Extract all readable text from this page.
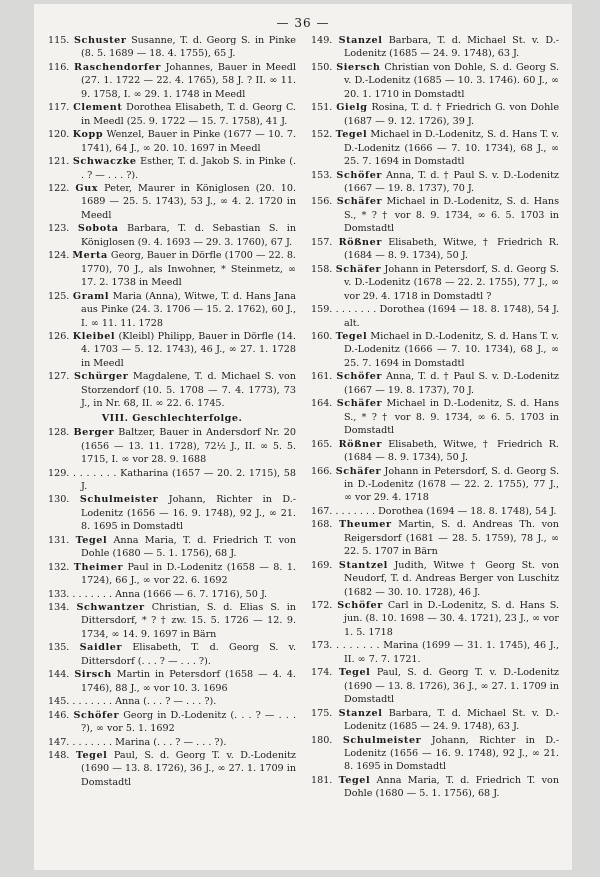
— 36 —

115. Schuster Susanne, T. d. Georg S. in Pinke (8. 5. 1689 — 18. 4. 1755), 65 J.

116. Raschendorfer Johannes, Bauer in Meedl (27. 1. 1722 — 22. 4. 1765), 58 J. ? II. ∞ 11. 9. 1758, I. ∞ 29. 1. 1748 in Meedl

117. Clement Dorothea Elisabeth, T. d. Georg C. in Meedl (25. 9. 1722 — 15. 7. 1758), 41 J.

120. Kopp Wenzel, Bauer in Pinke (1677 — 10. 7. 1741), 64 J., ∞ 20. 10. 1697 in Meedl

121. Schwaczke Esther, T. d. Jakob S. in Pinke (. . ? — . . . ?).

122. Gux Peter, Maurer in Königlosen (20. 10. 1689 — 25. 5. 1743), 53 J., ∞ 4. 2. 1720 in Meedl

123. Sobota Barbara, T. d. Sebastian S. in Königlosen (9. 4. 1693 — 29. 3. 1760), 67 J.

124. Merta Georg, Bauer in Dörfle (1700 — 22. 8. 1770), 70 J., als Inwohner, * Steinmetz, ∞ 17. 2. 1738 in Meedl

125. Graml Maria (Anna), Witwe, T. d. Hans Jana aus Pinke (24. 3. 1706 — 15. 2. 1762), 60 J., I. ∞ 11. 11. 1728

126. Kleibel (Kleibl) Philipp, Bauer in Dörfle (14. 4. 1703 — 5. 12. 1743), 46 J., ∞ 27. 1. 1728 in Meedl

127. Schürger Magdalene, T. d. Michael S. von Storzendorf (10. 5. 1708 — 7. 4. 1773), 73 J., in Nr. 68, II. ∞ 22. 6. 1745.

VIII. Geschlechterfolge.

128. Berger Baltzer, Bauer in Andersdorf Nr. 20 (1656 — 13. 11. 1728), 72½ J., II. ∞ 5. 5. 1715, I. ∞ vor 28. 9. 1688

129. . . . . . . . Katharina (1657 — 20. 2. 1715), 58 J.

130. Schulmeister Johann, Richter in D.-Lodenitz (1656 — 16. 9. 1748), 92 J., ∞ 21. 8. 1695 in Domstadtl

131. Tegel Anna Maria, T. d. Friedrich T. von Dohle (1680 — 5. 1. 1756), 68 J.

132. Theimer Paul in D.-Lodenitz (1658 — 8. 1. 1724), 66 J., ∞ vor 22. 6. 1692

133. . . . . . . . Anna (1666 — 6. 7. 1716), 50 J.

134. Schwantzer Christian, S. d. Elias S. in Dittersdorf, * ? † zw. 15. 5. 1726 — 12. 9. 1734, ∞ 14. 9. 1697 in Bärn

135. Saidler Elisabeth, T. d. Georg S. v. Dittersdorf (. . . ? — . . . ?).

144. Sirsch Martin in Petersdorf (1658 — 4. 4. 1746), 88 J., ∞ vor 10. 3. 1696

145. . . . . . . . Anna (. . . ? — . . . ?).

146. Schöfer Georg in D.-Lodenitz (. . . ? — . . . ?), ∞ vor 5. 1. 1692

147. . . . . . . . Marina (. . . ? — . . . ?).

148. Tegel Paul, S. d. Georg T. v. D.-Lodenitz (1690 — 13. 8. 1726), 36 J., ∞ 27. 1. 1709 in Domstadtl

149. Stanzel Barbara, T. d. Michael St. v. D.-Lodenitz (1685 — 24. 9. 1748), 63 J.

150. Siersch Christian von Dohle, S. d. Georg S. v. D.-Lodenitz (1685 — 10. 3. 1746). 60 J., ∞ 20. 1. 1710 in Domstadtl

151. Gielg Rosina, T. d. † Friedrich G. von Dohle (1687 — 9. 12. 1726), 39 J.

152. Tegel Michael in D.-Lodenitz, S. d. Hans T. v. D.-Lodenitz (1666 — 7. 10. 1734), 68 J., ∞ 25. 7. 1694 in Domstadtl

153. Schöfer Anna, T. d. † Paul S. v. D.-Lodenitz (1667 — 19. 8. 1737), 70 J.

156. Schäfer Michael in D.-Lodenitz, S. d. Hans S., * ? † vor 8. 9. 1734, ∞ 6. 5. 1703 in Domstadtl

157. Rößner Elisabeth, Witwe, † Friedrich R. (1684 — 8. 9. 1734), 50 J.

158. Schäfer Johann in Petersdorf, S. d. Georg S. v. D.-Lodenitz (1678 — 22. 2. 1755), 77 J., ∞ vor 29. 4. 1718 in Domstadtl ?

159. . . . . . . . Dorothea (1694 — 18. 8. 1748), 54 J. alt.

160. Tegel Michael in D.-Lodenitz, S. d. Hans T. v. D.-Lodenitz (1666 — 7. 10. 1734), 68 J., ∞ 25. 7. 1694 in Domstadtl

161. Schöfer Anna, T. d. † Paul S. v. D.-Lodenitz (1667 — 19. 8. 1737), 70 J.

164. Schäfer Michael in D.-Lodenitz, S. d. Hans S., * ? † vor 8. 9. 1734, ∞ 6. 5. 1703 in Domstadtl

165. Rößner Elisabeth, Witwe, † Friedrich R. (1684 — 8. 9. 1734), 50 J.

166. Schäfer Johann in Petersdorf, S. d. Georg S. in D.-Lodenitz (1678 — 22. 2. 1755), 77 J., ∞ vor 29. 4. 1718

167. . . . . . . . Dorothea (1694 — 18. 8. 1748), 54 J.

168. Theumer Martin, S. d. Andreas Th. von Reigersdorf (1681 — 28. 5. 1759), 78 J., ∞ 22. 5. 1707 in Bärn

169. Stantzel Judith, Witwe † Georg St. von Neudorf, T. d. Andreas Berger von Luschitz (1682 — 30. 10. 1728), 46 J.

172. Schöfer Carl in D.-Lodenitz, S. d. Hans S. jun. (8. 10. 1698 — 30. 4. 1721), 23 J., ∞ vor 1. 5. 1718

173. . . . . . . . Marina (1699 — 31. 1. 1745), 46 J., II. ∞ 7. 7. 1721.

174. Tegel Paul, S. d. Georg T. v. D.-Lodenitz (1690 — 13. 8. 1726), 36 J., ∞ 27. 1. 1709 in Domstadtl

175. Stanzel Barbara, T. d. Michael St. v. D.-Lodenitz (1685 — 24. 9. 1748), 63 J.

180. Schulmeister Johann, Richter in D.-Lodenitz (1656 — 16. 9. 1748), 92 J., ∞ 21. 8. 1695 in Domstadtl

181. Tegel Anna Maria, T. d. Friedrich T. von Dohle (1680 — 5. 1. 1756), 68 J.
